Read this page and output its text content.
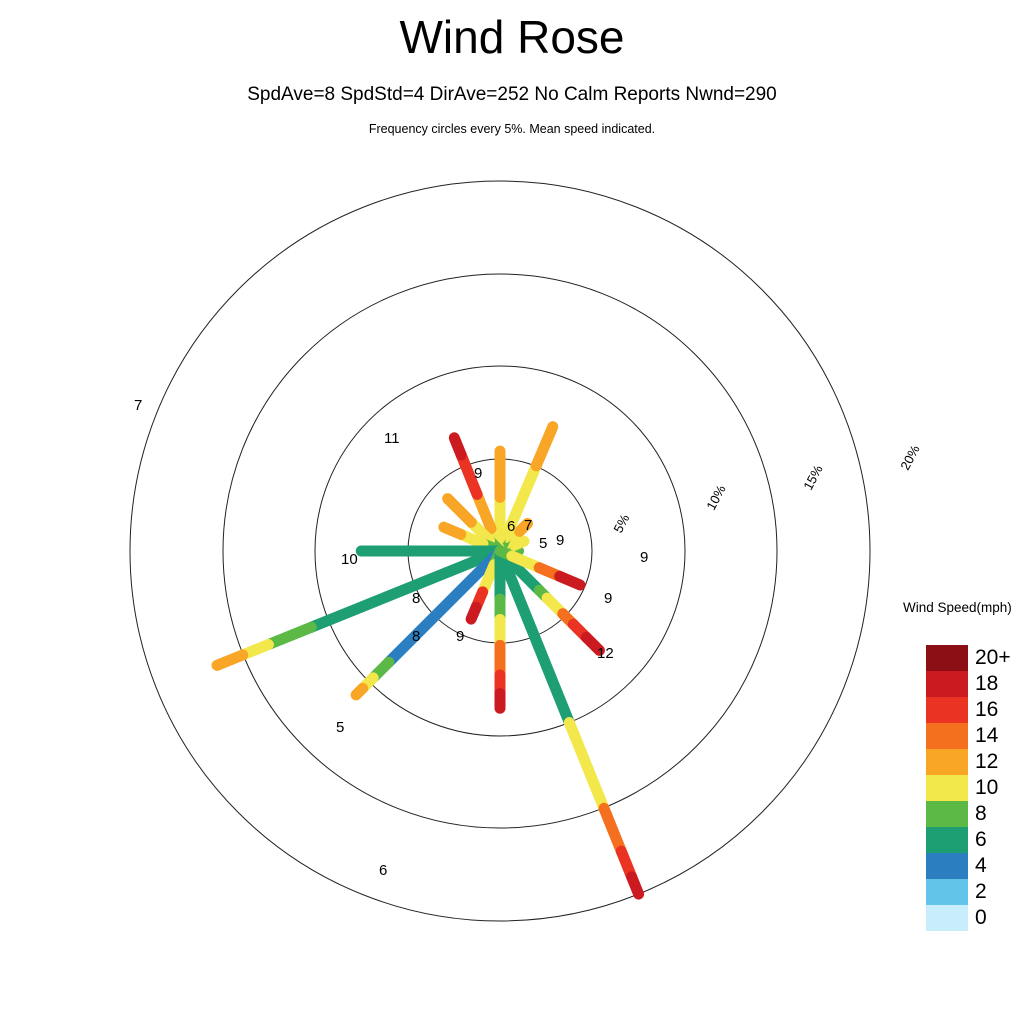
Wind Rose
SpdAve=8 SpdStd=4 DirAve=252 No Calm Reports Nwnd=290
Frequency circles every 5%. Mean speed indicated.
5%
10%
15%
20%
7
11
9
6 7
5 9
9
9
12
9
8
8
10
5
6
Wind Speed(mph)
20+
18
16
14
12
10
8
6
4
2
0
